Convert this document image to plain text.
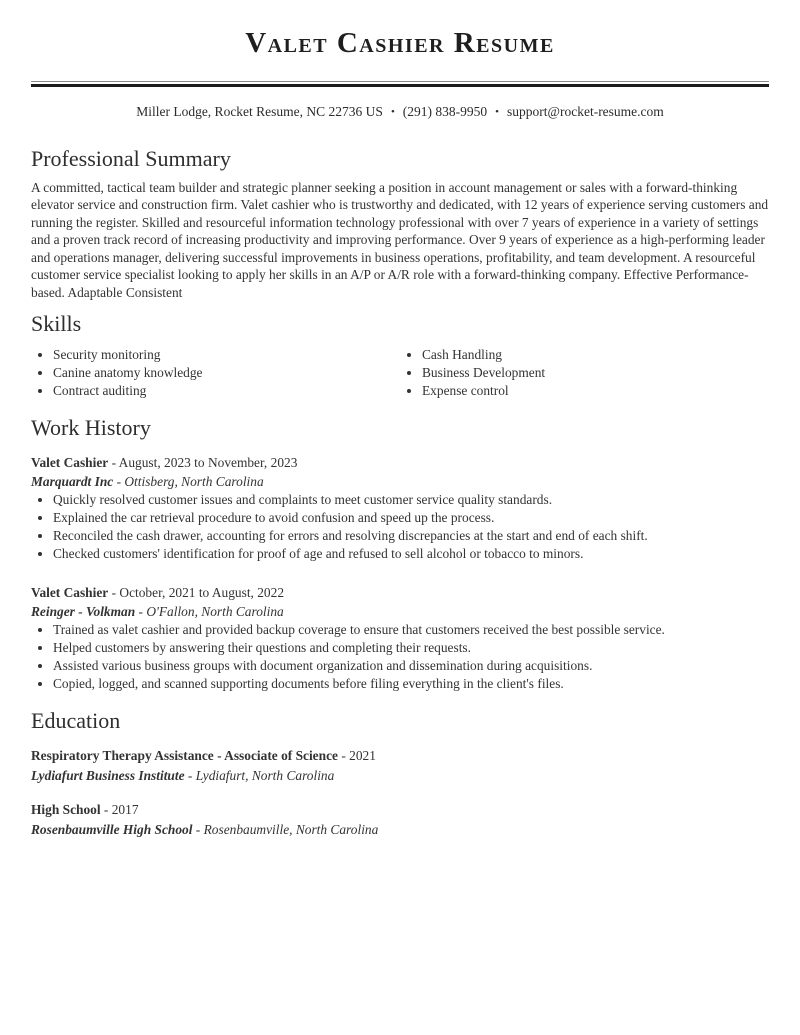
Valet Cashier Resume

Miller Lodge, Rocket Resume, NC 22736 US • (291) 838-9950 • support@rocket-resume.com

Professional Summary

A committed, tactical team builder and strategic planner seeking a position in account management or sales with a forward-thinking elevator service and construction firm. Valet cashier who is trustworthy and dedicated, with 12 years of experience serving customers and running the register. Skilled and resourceful information technology professional with over 7 years of experience in a variety of settings and a proven track record of increasing productivity and improving performance. Over 9 years of experience as a high-performing leader and operations manager, delivering successful improvements in business operations, profitability, and team development. A resourceful customer service specialist looking to apply her skills in an A/P or A/R role with a forward-thinking company. Effective Performance-based. Adaptable Consistent

Skills
• Security monitoring
• Canine anatomy knowledge
• Contract auditing
• Cash Handling
• Business Development
• Expense control
Work History

Valet Cashier - August, 2023 to November, 2023

Marquardt Inc - Ottisberg, North Carolina

• Quickly resolved customer issues and complaints to meet customer service quality standards.
• Explained the car retrieval procedure to avoid confusion and speed up the process.
• Reconciled the cash drawer, accounting for errors and resolving discrepancies at the start and end of each shift.
• Checked customers' identification for proof of age and refused to sell alcohol or tobacco to minors.

Valet Cashier - October, 2021 to August, 2022

Reinger - Volkman - O'Fallon, North Carolina

• Trained as valet cashier and provided backup coverage to ensure that customers received the best possible service.
• Helped customers by answering their questions and completing their requests.
• Assisted various business groups with document organization and dissemination during acquisitions.
• Copied, logged, and scanned supporting documents before filing everything in the client's files.
Education

Respiratory Therapy Assistance - Associate of Science - 2021

Lydiafurt Business Institute - Lydiafurt, North Carolina

High School - 2017

Rosenbaumville High School - Rosenbaumville, North Carolina
